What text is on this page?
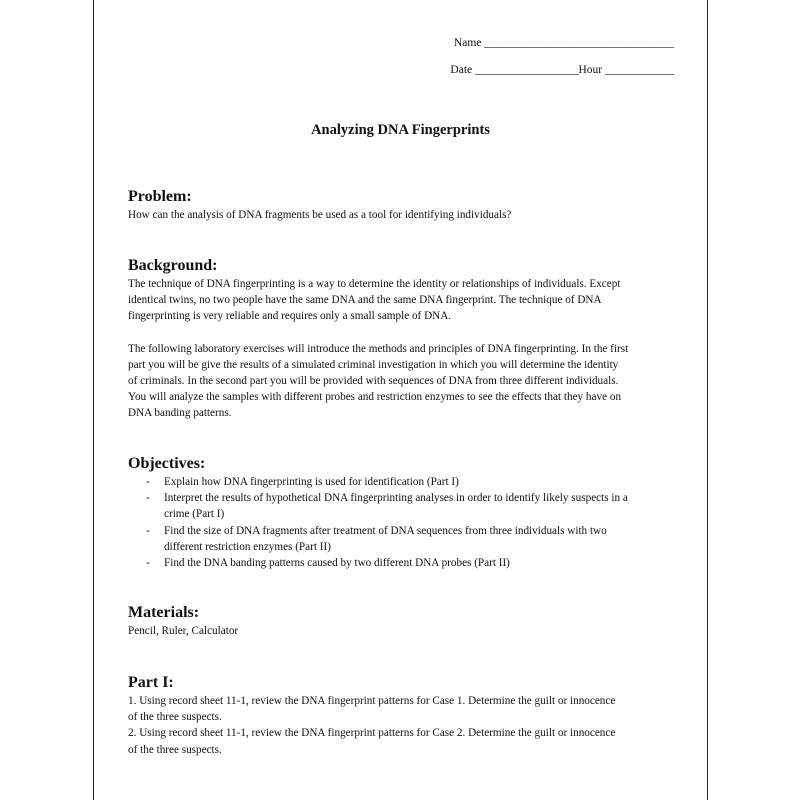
Name _________________________________
Date __________________Hour ____________
Analyzing DNA Fingerprints
Problem:

How can the analysis of DNA fragments be used as a tool for identifying individuals?

Background:

The technique of DNA fingerprinting is a way to determine the identity or relationships of individuals. Except
identical twins, no two people have the same DNA and the same DNA fingerprint. The technique of DNA
fingerprinting is very reliable and requires only a small sample of DNA.

The following laboratory exercises will introduce the methods and principles of DNA fingerprinting. In the first
part you will be give the results of a simulated criminal investigation in which you will determine the identity
of criminals. In the second part you will be provided with sequences of DNA from three different individuals.
You will analyze the samples with different probes and restriction enzymes to see the effects that they have on
DNA banding patterns.

Objectives:
- Explain how DNA fingerprinting is used for identification (Part I)
- Interpret the results of hypothetical DNA fingerprinting analyses in order to identify likely suspects in a
crime (Part I)
- Find the size of DNA fragments after treatment of DNA sequences from three individuals with two
different restriction enzymes (Part II)
- Find the DNA banding patterns caused by two different DNA probes (Part II)
Materials:

Pencil, Ruler, Calculator

Part I:

1. Using record sheet 11-1, review the DNA fingerprint patterns for Case 1. Determine the guilt or innocence
of the three suspects.
2. Using record sheet 11-1, review the DNA fingerprint patterns for Case 2. Determine the guilt or innocence
of the three suspects.
